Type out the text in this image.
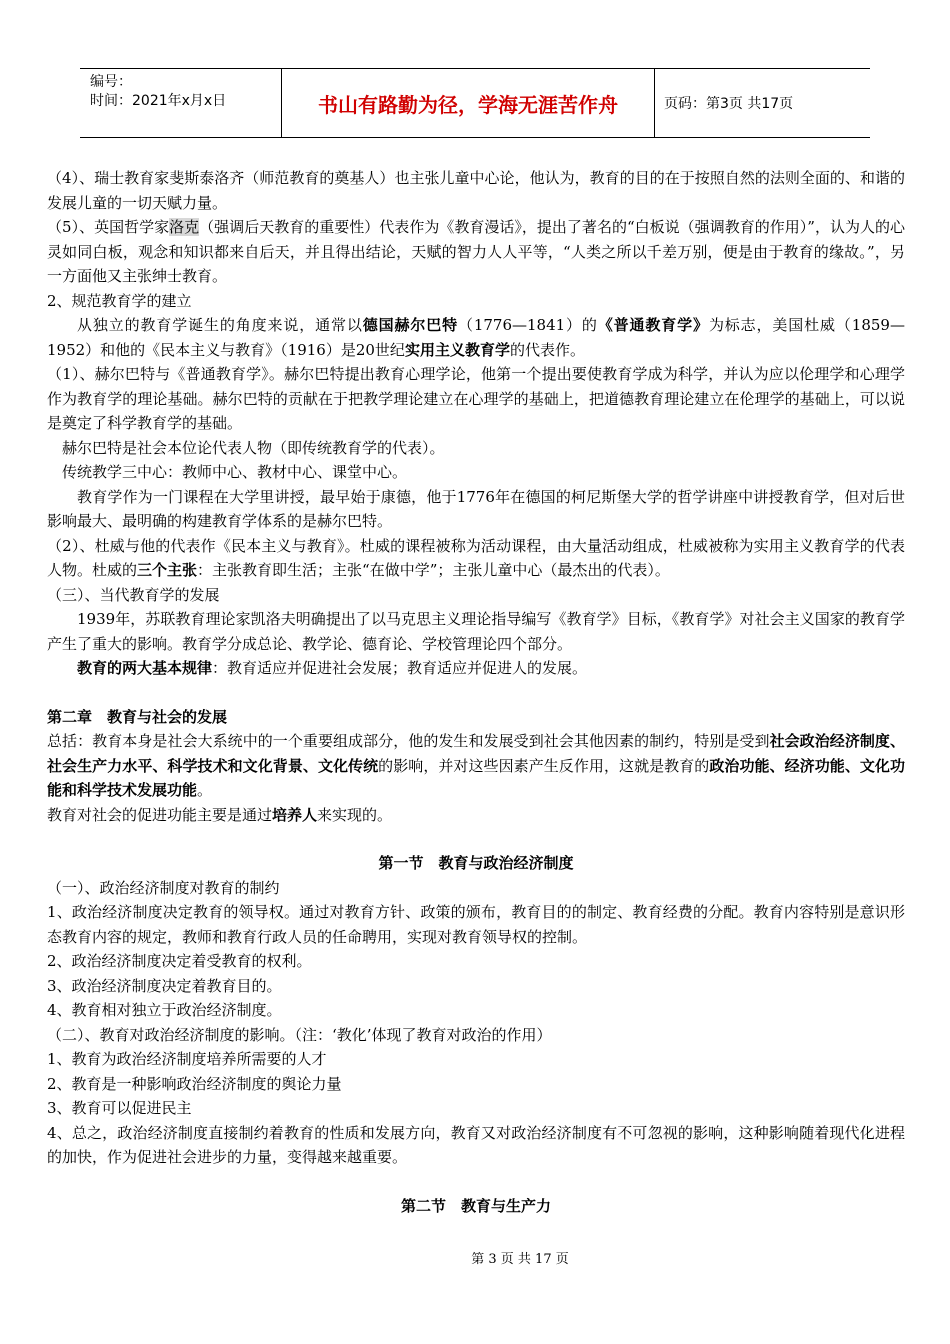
编号：
时间：2021年x月x日	书山有路勤为径，学海无涯苦作舟	页码：第3页 共17页

（4）、瑞士教育家斐斯泰洛齐（师范教育的奠基人）也主张儿童中心论，他认为，教育的目的在于按照自然的法则全面的、和谐的发展儿童的一切天赋力量。

（5）、英国哲学家洛克（强调后天教育的重要性）代表作为《教育漫话》，提出了著名的“白板说（强调教育的作用）”，认为人的心灵如同白板，观念和知识都来自后天，并且得出结论，天赋的智力人人平等，“人类之所以千差万别，便是由于教育的缘故。”，另一方面他又主张绅士教育。

2、规范教育学的建立

从独立的教育学诞生的角度来说，通常以德国赫尔巴特（1776—1841）的《普通教育学》为标志，美国杜威（1859—1952）和他的《民本主义与教育》（1916）是20世纪实用主义教育学的代表作。

（1）、赫尔巴特与《普通教育学》。赫尔巴特提出教育心理学论，他第一个提出要使教育学成为科学，并认为应以伦理学和心理学作为教育学的理论基础。赫尔巴特的贡献在于把教学理论建立在心理学的基础上，把道德教育理论建立在伦理学的基础上，可以说是奠定了科学教育学的基础。

赫尔巴特是社会本位论代表人物（即传统教育学的代表）。

传统教学三中心：教师中心、教材中心、课堂中心。

教育学作为一门课程在大学里讲授，最早始于康德，他于1776年在德国的柯尼斯堡大学的哲学讲座中讲授教育学，但对后世影响最大、最明确的构建教育学体系的是赫尔巴特。

（2）、杜威与他的代表作《民本主义与教育》。杜威的课程被称为活动课程，由大量活动组成，杜威被称为实用主义教育学的代表人物。杜威的三个主张：主张教育即生活；主张“在做中学”；主张儿童中心（最杰出的代表）。

（三）、当代教育学的发展

1939年，苏联教育理论家凯洛夫明确提出了以马克思主义理论指导编写《教育学》目标，《教育学》对社会主义国家的教育学产生了重大的影响。教育学分成总论、教学论、德育论、学校管理论四个部分。

教育的两大基本规律：教育适应并促进社会发展；教育适应并促进人的发展。

第二章　教育与社会的发展

总括：教育本身是社会大系统中的一个重要组成部分，他的发生和发展受到社会其他因素的制约，特别是受到社会政治经济制度、社会生产力水平、科学技术和文化背景、文化传统的影响，并对这些因素产生反作用，这就是教育的政治功能、经济功能、文化功能和科学技术发展功能。

教育对社会的促进功能主要是通过培养人来实现的。

第一节　教育与政治经济制度

（一）、政治经济制度对教育的制约

1、政治经济制度决定教育的领导权。通过对教育方针、政策的颁布，教育目的的制定、教育经费的分配。教育内容特别是意识形态教育内容的规定，教师和教育行政人员的任命聘用，实现对教育领导权的控制。

2、政治经济制度决定着受教育的权利。

3、政治经济制度决定着教育目的。

4、教育相对独立于政治经济制度。

（二）、教育对政治经济制度的影响。（注：‘教化’体现了教育对政治的作用）

1、教育为政治经济制度培养所需要的人才

2、教育是一种影响政治经济制度的舆论力量

3、教育可以促进民主

4、总之，政治经济制度直接制约着教育的性质和发展方向，教育又对政治经济制度有不可忽视的影响，这种影响随着现代化进程的加快，作为促进社会进步的力量，变得越来越重要。

第二节　教育与生产力

第 3 页 共 17 页
